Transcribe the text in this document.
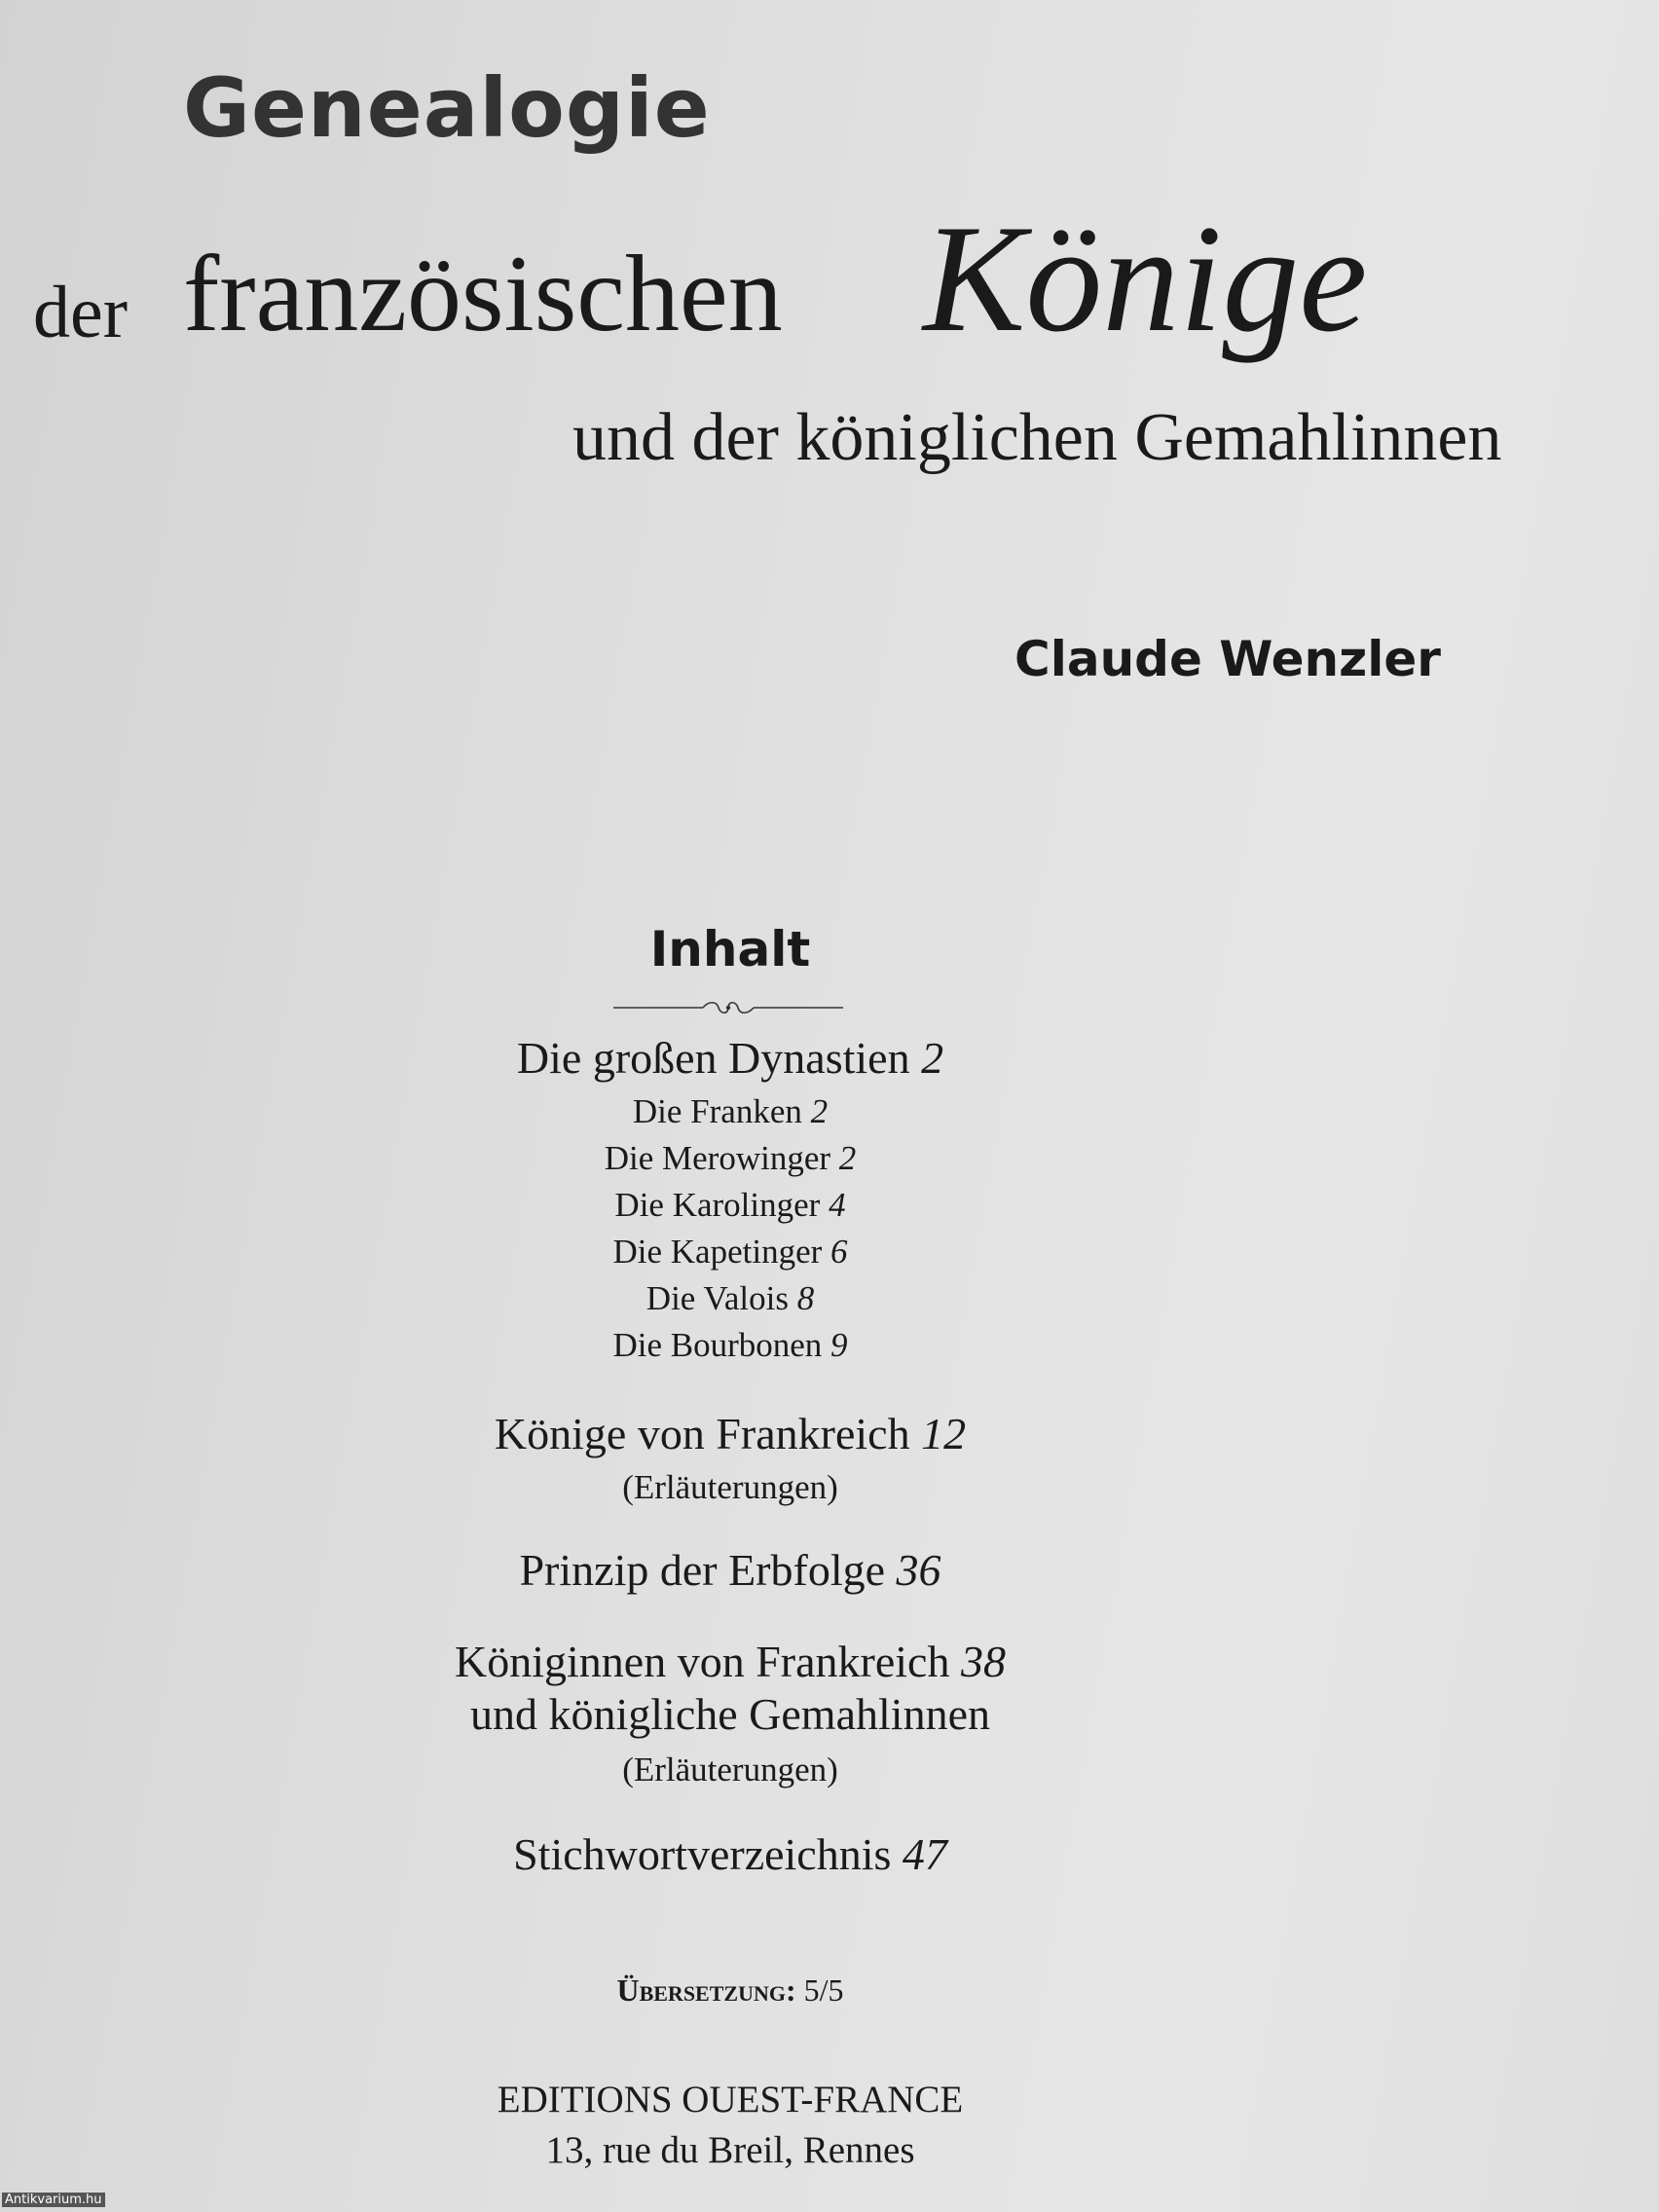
Genealogie
der französischen Könige
und der königlichen Gemahlinnen
Claude Wenzler
Inhalt
Die großen Dynastien 2
Die Franken 2
Die Merowinger 2
Die Karolinger 4
Die Kapetinger 6
Die Valois 8
Die Bourbonen 9
Könige von Frankreich 12
(Erläuterungen)
Prinzip der Erbfolge 36
Königinnen von Frankreich 38
und königliche Gemahlinnen
(Erläuterungen)
Stichwortverzeichnis 47
Übersetzung: 5/5
EDITIONS OUEST-FRANCE
13, rue du Breil, Rennes
Antikvarium.hu
